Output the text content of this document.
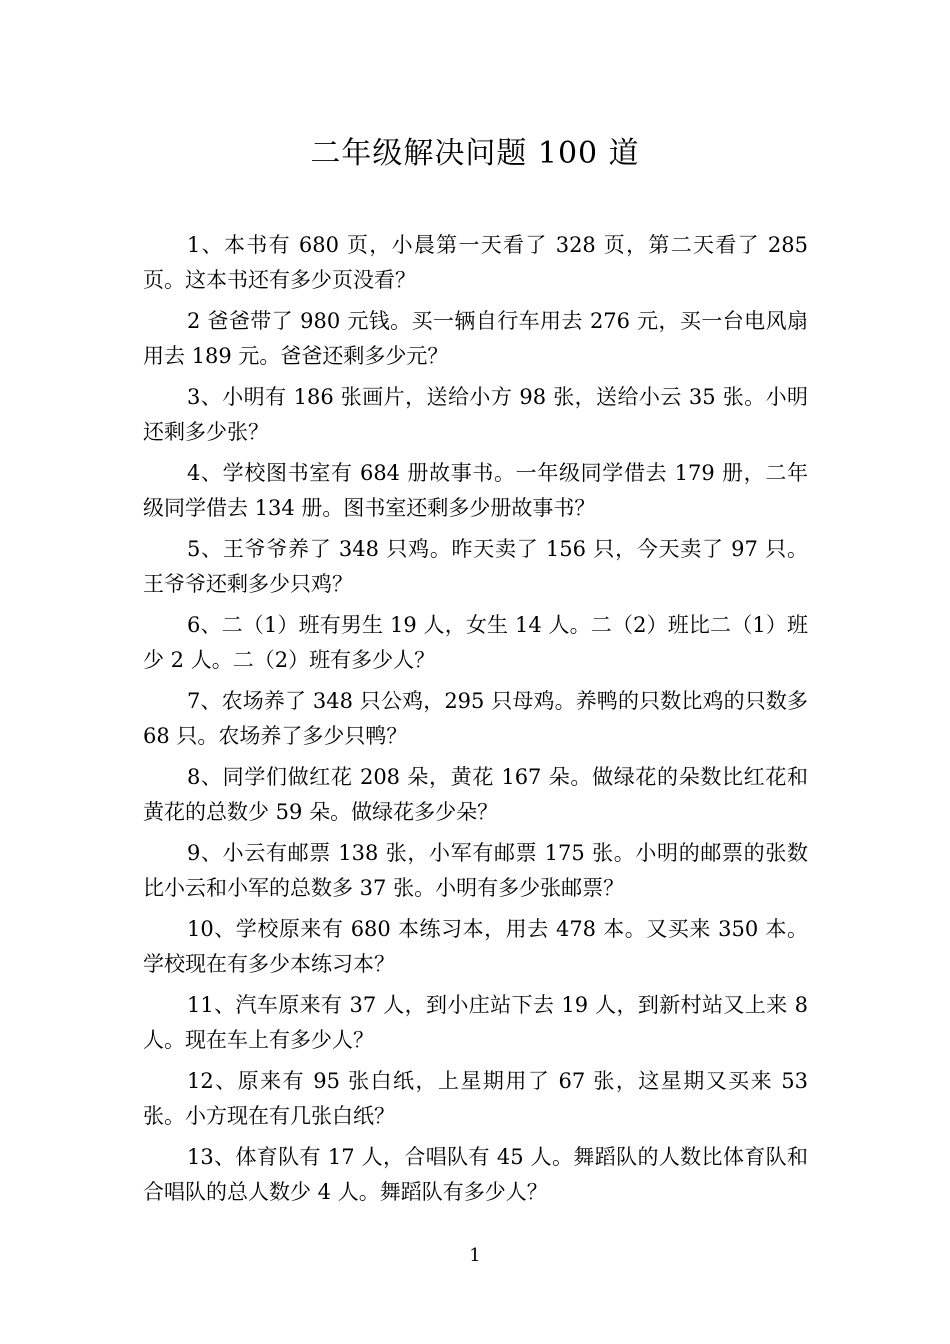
二年级解决问题 100 道
1、本书有 680 页，小晨第一天看了 328 页，第二天看了 285 页。这本书还有多少页没看？
2 爸爸带了 980 元钱。买一辆自行车用去 276 元，买一台电风扇用去 189 元。爸爸还剩多少元？
3、小明有 186 张画片，送给小方 98 张，送给小云 35 张。小明还剩多少张？
4、学校图书室有 684 册故事书。一年级同学借去 179 册，二年级同学借去 134 册。图书室还剩多少册故事书？
5、王爷爷养了 348 只鸡。昨天卖了 156 只，今天卖了 97 只。王爷爷还剩多少只鸡？
6、二（1）班有男生 19 人，女生 14 人。二（2）班比二（1）班少 2 人。二（2）班有多少人？
7、农场养了 348 只公鸡，295 只母鸡。养鸭的只数比鸡的只数多 68 只。农场养了多少只鸭？
8、同学们做红花 208 朵，黄花 167 朵。做绿花的朵数比红花和黄花的总数少 59 朵。做绿花多少朵？
9、小云有邮票 138 张，小军有邮票 175 张。小明的邮票的张数比小云和小军的总数多 37 张。小明有多少张邮票？
10、学校原来有 680 本练习本，用去 478 本。又买来 350 本。学校现在有多少本练习本？
11、汽车原来有 37 人，到小庄站下去 19 人，到新村站又上来 8 人。现在车上有多少人？
12、原来有 95 张白纸，上星期用了 67 张，这星期又买来 53 张。小方现在有几张白纸？
13、体育队有 17 人，合唱队有 45 人。舞蹈队的人数比体育队和合唱队的总人数少 4 人。舞蹈队有多少人？
1
